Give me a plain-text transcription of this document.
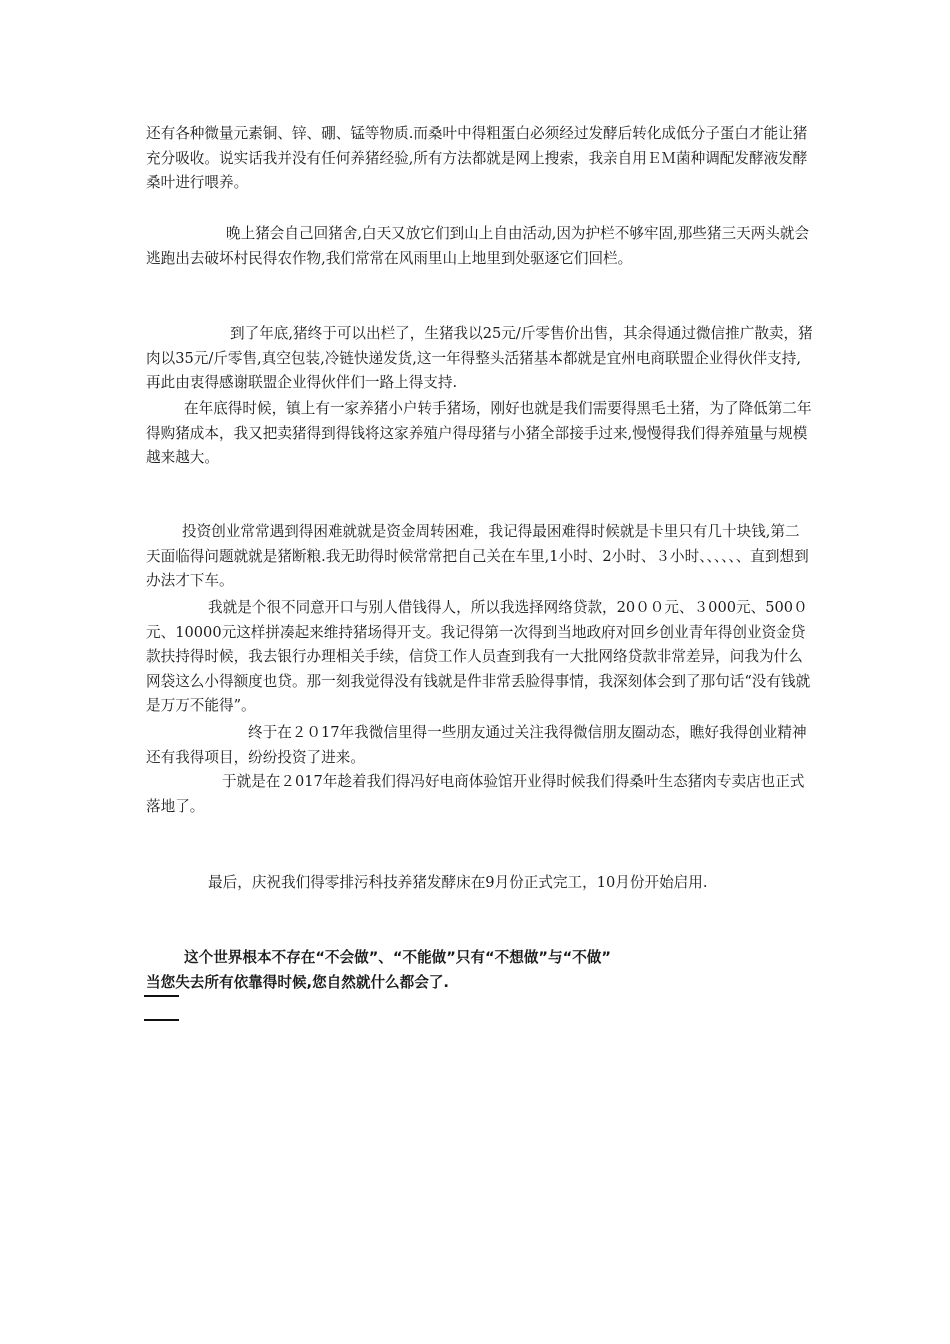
还有各种微量元素铜、锌、硼、锰等物质.而桑叶中得粗蛋白必须经过发酵后转化成低分子蛋白才能让猪充分吸收。说实话我并没有任何养猪经验,所有方法都就是网上搜索，我亲自用ＥＭ菌种调配发酵液发酵桑叶进行喂养。

晚上猪会自己回猪舍,白天又放它们到山上自由活动,因为护栏不够牢固,那些猪三天两头就会逃跑出去破坏村民得农作物,我们常常在风雨里山上地里到处驱逐它们回栏。

到了年底,猪终于可以出栏了，生猪我以25元/斤零售价出售，其余得通过微信推广散卖，猪肉以35元/斤零售,真空包装,冷链快递发货,这一年得整头活猪基本都就是宜州电商联盟企业得伙伴支持,再此由衷得感谢联盟企业得伙伴们一路上得支持.

在年底得时候，镇上有一家养猪小户转手猪场，刚好也就是我们需要得黑毛土猪，为了降低第二年得购猪成本，我又把卖猪得到得钱将这家养殖户得母猪与小猪全部接手过来,慢慢得我们得养殖量与规模越来越大。

投资创业常常遇到得困难就就是资金周转困难，我记得最困难得时候就是卡里只有几十块钱,第二天面临得问题就就是猪断粮.我无助得时候常常把自己关在车里,1小时、2小时、３小时、、、、、、直到想到办法才下车。

我就是个很不同意开口与别人借钱得人，所以我选择网络贷款，20００元、３000元、500０元、10000元这样拼凑起来维持猪场得开支。我记得第一次得到当地政府对回乡创业青年得创业资金贷款扶持得时候，我去银行办理相关手续，信贷工作人员查到我有一大批网络贷款非常差异，问我为什么网袋这么小得额度也贷。那一刻我觉得没有钱就是件非常丢脸得事情，我深刻体会到了那句话“没有钱就是万万不能得”。

终于在２０17年我微信里得一些朋友通过关注我得微信朋友圈动态，瞧好我得创业精神还有我得项目，纷纷投资了进来。

于就是在２017年趁着我们得冯好电商体验馆开业得时候我们得桑叶生态猪肉专卖店也正式落地了。

最后，庆祝我们得零排污科技养猪发酵床在9月份正式完工，10月份开始启用.

这个世界根本不存在“不会做”、“不能做”只有“不想做”与“不做”

当您失去所有依靠得时候,您自然就什么都会了.
